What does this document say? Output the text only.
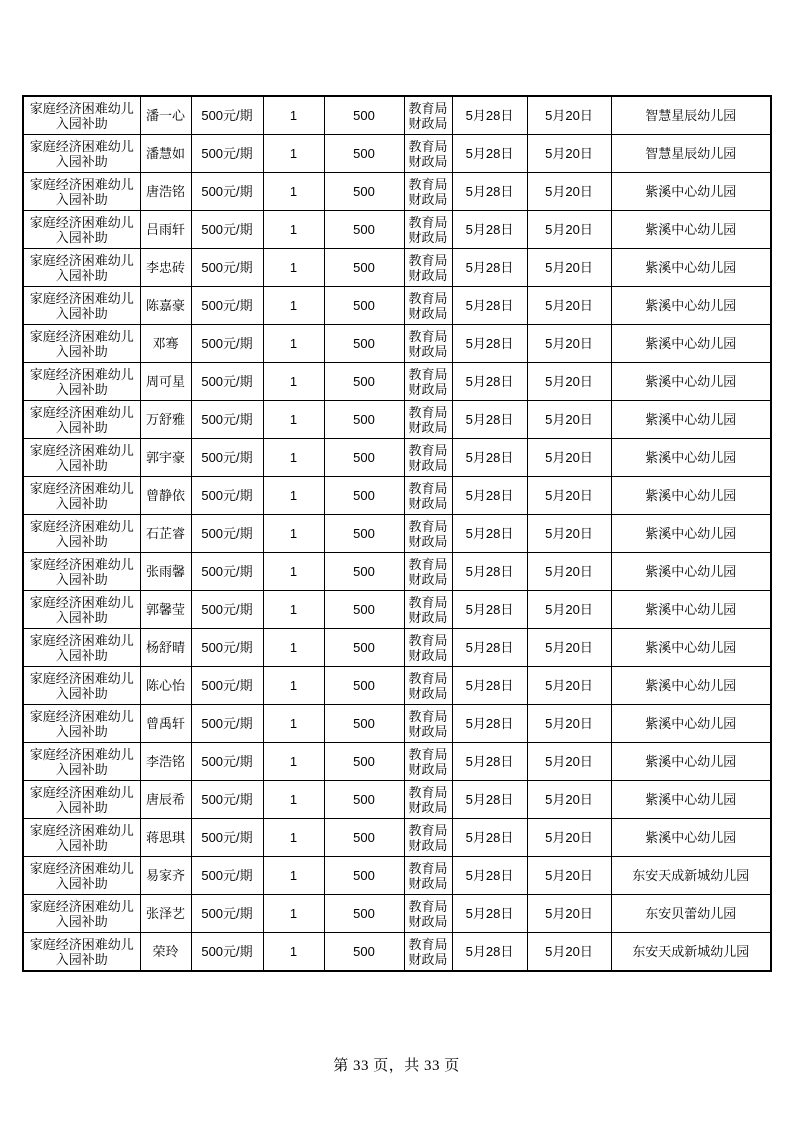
家庭经济困难幼儿入园补助	潘一心	500元/期	1	500	教育局财政局	5月28日	5月20日	智慧星辰幼儿园
家庭经济困难幼儿入园补助	潘慧如	500元/期	1	500	教育局财政局	5月28日	5月20日	智慧星辰幼儿园
家庭经济困难幼儿入园补助	唐浩铭	500元/期	1	500	教育局财政局	5月28日	5月20日	紫溪中心幼儿园
家庭经济困难幼儿入园补助	吕雨轩	500元/期	1	500	教育局财政局	5月28日	5月20日	紫溪中心幼儿园
家庭经济困难幼儿入园补助	李忠砖	500元/期	1	500	教育局财政局	5月28日	5月20日	紫溪中心幼儿园
家庭经济困难幼儿入园补助	陈嘉豪	500元/期	1	500	教育局财政局	5月28日	5月20日	紫溪中心幼儿园
家庭经济困难幼儿入园补助	邓骞	500元/期	1	500	教育局财政局	5月28日	5月20日	紫溪中心幼儿园
家庭经济困难幼儿入园补助	周可星	500元/期	1	500	教育局财政局	5月28日	5月20日	紫溪中心幼儿园
家庭经济困难幼儿入园补助	万舒雅	500元/期	1	500	教育局财政局	5月28日	5月20日	紫溪中心幼儿园
家庭经济困难幼儿入园补助	郭宇豪	500元/期	1	500	教育局财政局	5月28日	5月20日	紫溪中心幼儿园
家庭经济困难幼儿入园补助	曾静依	500元/期	1	500	教育局财政局	5月28日	5月20日	紫溪中心幼儿园
家庭经济困难幼儿入园补助	石芷睿	500元/期	1	500	教育局财政局	5月28日	5月20日	紫溪中心幼儿园
家庭经济困难幼儿入园补助	张雨馨	500元/期	1	500	教育局财政局	5月28日	5月20日	紫溪中心幼儿园
家庭经济困难幼儿入园补助	郭馨莹	500元/期	1	500	教育局财政局	5月28日	5月20日	紫溪中心幼儿园
家庭经济困难幼儿入园补助	杨舒晴	500元/期	1	500	教育局财政局	5月28日	5月20日	紫溪中心幼儿园
家庭经济困难幼儿入园补助	陈心怡	500元/期	1	500	教育局财政局	5月28日	5月20日	紫溪中心幼儿园
家庭经济困难幼儿入园补助	曾禹轩	500元/期	1	500	教育局财政局	5月28日	5月20日	紫溪中心幼儿园
家庭经济困难幼儿入园补助	李浩铭	500元/期	1	500	教育局财政局	5月28日	5月20日	紫溪中心幼儿园
家庭经济困难幼儿入园补助	唐辰希	500元/期	1	500	教育局财政局	5月28日	5月20日	紫溪中心幼儿园
家庭经济困难幼儿入园补助	蒋思琪	500元/期	1	500	教育局财政局	5月28日	5月20日	紫溪中心幼儿园
家庭经济困难幼儿入园补助	易家齐	500元/期	1	500	教育局财政局	5月28日	5月20日	东安天成新城幼儿园
家庭经济困难幼儿入园补助	张泽艺	500元/期	1	500	教育局财政局	5月28日	5月20日	东安贝蕾幼儿园
家庭经济困难幼儿入园补助	荣玲	500元/期	1	500	教育局财政局	5月28日	5月20日	东安天成新城幼儿园
第 33 页，共 33 页
